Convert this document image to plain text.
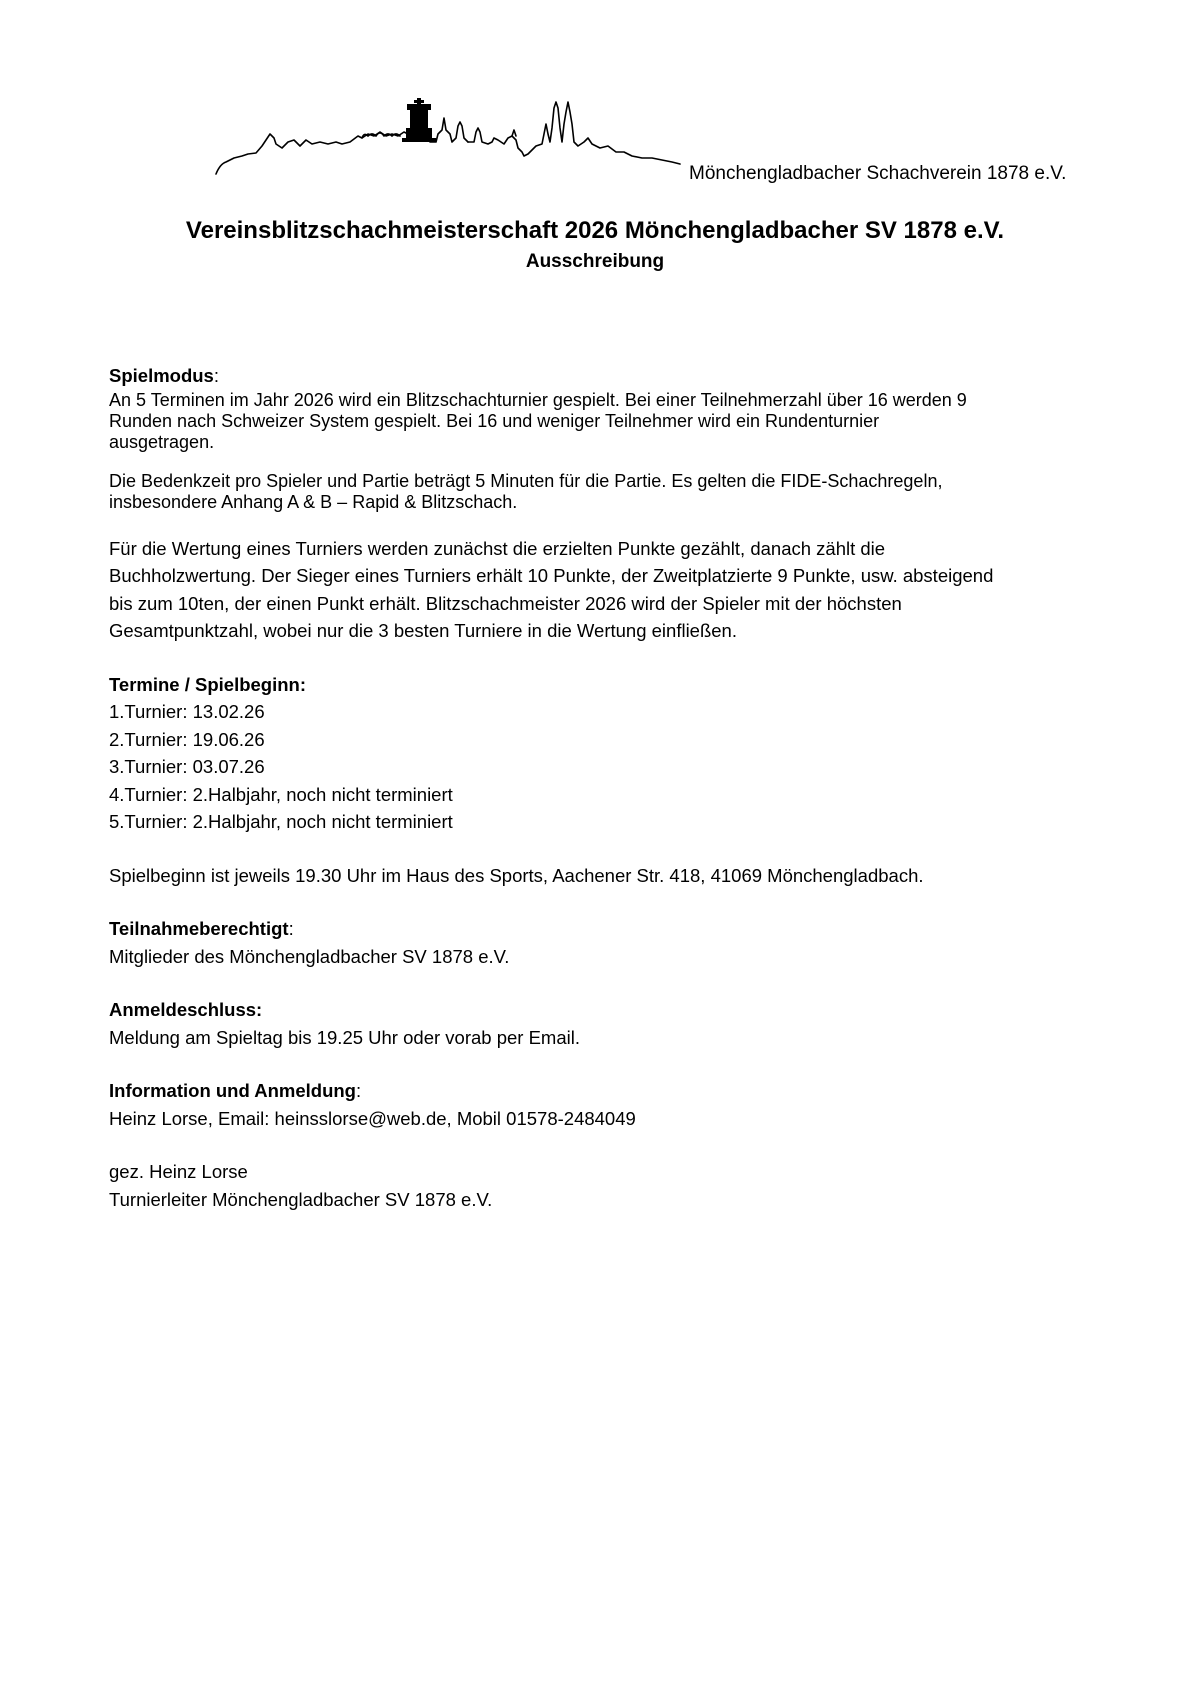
Mönchengladbacher Schachverein 1878 e.V.
Vereinsblitzschachmeisterschaft 2026 Mönchengladbacher SV 1878 e.V.
Ausschreibung
Spielmodus:
An 5 Terminen im Jahr 2026 wird ein Blitzschachturnier gespielt. Bei einer Teilnehmerzahl über 16 werden 9
Runden nach Schweizer System gespielt. Bei 16 und weniger Teilnehmer wird ein Rundenturnier
ausgetragen.
Die Bedenkzeit pro Spieler und Partie beträgt 5 Minuten für die Partie. Es gelten die FIDE-Schachregeln,
insbesondere Anhang A & B – Rapid & Blitzschach.
Für die Wertung eines Turniers werden zunächst die erzielten Punkte gezählt, danach zählt die
Buchholzwertung. Der Sieger eines Turniers erhält 10 Punkte, der Zweitplatzierte 9 Punkte, usw. absteigend
bis zum 10ten, der einen Punkt erhält. Blitzschachmeister 2026 wird der Spieler mit der höchsten
Gesamtpunktzahl, wobei nur die 3 besten Turniere in die Wertung einfließen.
Termine / Spielbeginn:
1.Turnier: 13.02.26
2.Turnier: 19.06.26
3.Turnier: 03.07.26
4.Turnier: 2.Halbjahr, noch nicht terminiert
5.Turnier: 2.Halbjahr, noch nicht terminiert
Spielbeginn ist jeweils 19.30 Uhr im Haus des Sports, Aachener Str. 418, 41069 Mönchengladbach.
Teilnahmeberechtigt:
Mitglieder des Mönchengladbacher SV 1878 e.V.
Anmeldeschluss:
Meldung am Spieltag bis 19.25 Uhr oder vorab per Email.
Information und Anmeldung:
Heinz Lorse, Email: heinsslorse@web.de, Mobil 01578-2484049
gez. Heinz Lorse
Turnierleiter Mönchengladbacher SV 1878 e.V.
